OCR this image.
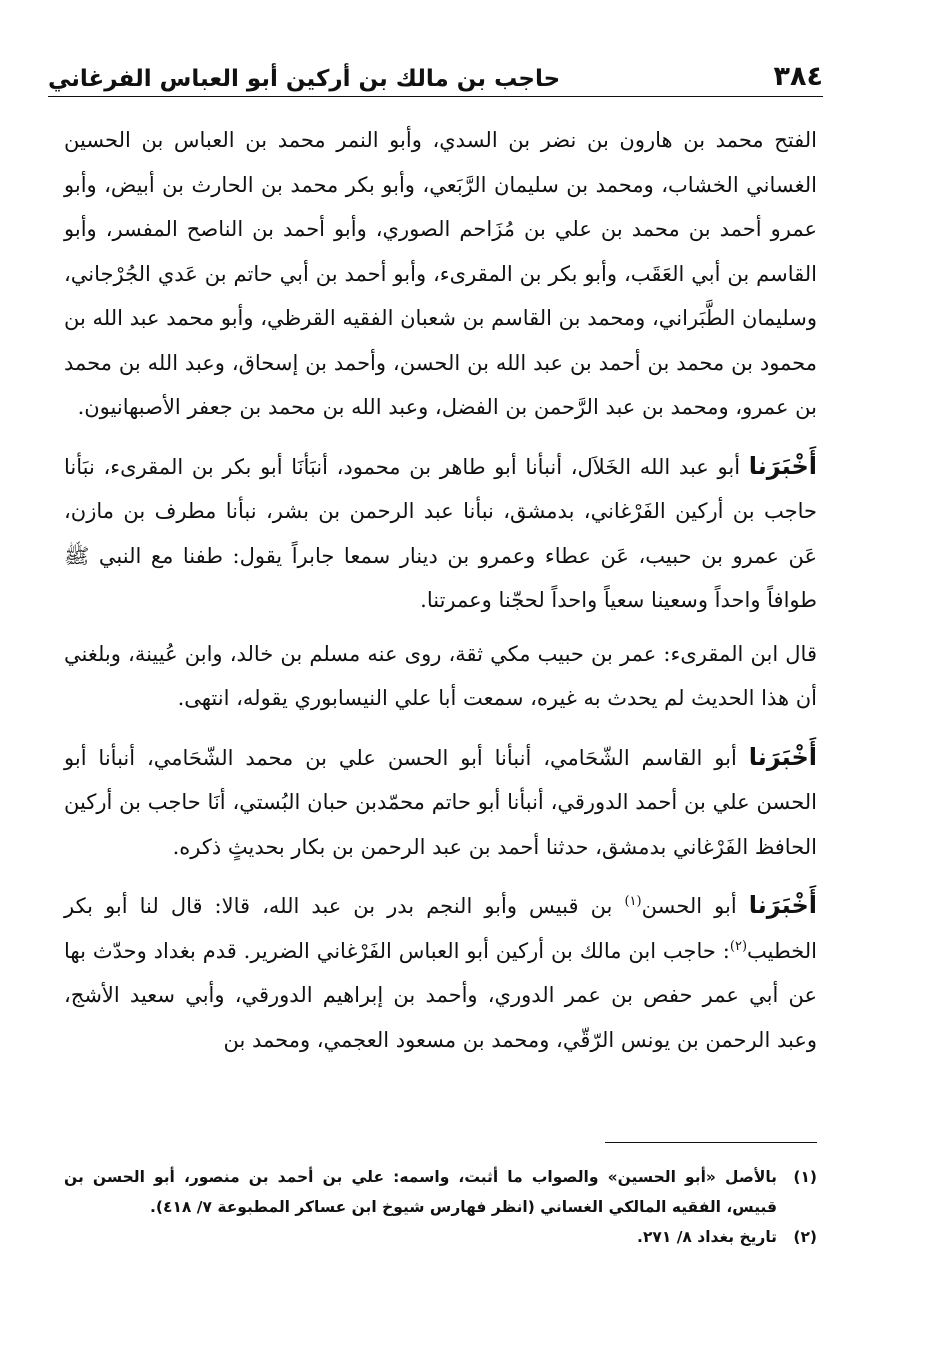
٣٨٤
حاجب بن مالك بن أركين أبو العباس الفرغاني

الفتح محمد بن هارون بن نضر بن السدي، وأبو النمر محمد بن العباس بن الحسين الغساني الخشاب، ومحمد بن سليمان الرَّبَعي، وأبو بكر محمد بن الحارث بن أبيض، وأبو عمرو أحمد بن محمد بن علي بن مُزَاحم الصوري، وأبو أحمد بن الناصح المفسر، وأبو القاسم بن أبي العَقَب، وأبو بكر بن المقرىء، وأبو أحمد بن أبي حاتم بن عَدي الجُرْجاني، وسليمان الطَّبَراني، ومحمد بن القاسم بن شعبان الفقيه القرظي، وأبو محمد عبد الله بن محمود بن محمد بن أحمد بن عبد الله بن الحسن، وأحمد بن إسحاق، وعبد الله بن محمد بن عمرو، ومحمد بن عبد الرَّحمن بن الفضل، وعبد الله بن محمد بن جعفر الأصبهانيون.

أَخْبَرَنا أبو عبد الله الخَلاَل، أنبأنا أبو طاهر بن محمود، أنبَأنَا أبو بكر بن المقرىء، نبَأنا حاجب بن أركين الفَرْغاني، بدمشق، نبأنا عبد الرحمن بن بشر، نبأنا مطرف بن مازن، عَن عمرو بن حبيب، عَن عطاء وعمرو بن دينار سمعا جابراً يقول: طفنا مع النبي ﷺ طوافاً واحداً وسعينا سعياً واحداً لحجّنا وعمرتنا.

قال ابن المقرىء: عمر بن حبيب مكي ثقة، روى عنه مسلم بن خالد، وابن عُيينة، وبلغني أن هذا الحديث لم يحدث به غيره، سمعت أبا علي النيسابوري يقوله، انتهى.

أَخْبَرَنا أبو القاسم الشّحَامي، أنبأنا أبو الحسن علي بن محمد الشّحَامي، أنبأنا أبو الحسن علي بن أحمد الدورقي، أنبأنا أبو حاتم محمّدبن حبان البُستي، أنَا حاجب بن أركين الحافظ الفَرْغاني بدمشق، حدثنا أحمد بن عبد الرحمن بن بكار بحديثٍ ذكره.

أَخْبَرَنا أبو الحسن$^{(١)}$ بن قبيس وأبو النجم بدر بن عبد الله، قالا: قال لنا أبو بكر الخطيب$^{(٢)}$: حاجب ابن مالك بن أركين أبو العباس الفَرْغاني الضرير. قدم بغداد وحدّث بها عن أبي عمر حفص بن عمر الدوري، وأحمد بن إبراهيم الدورقي، وأبي سعيد الأشج، وعبد الرحمن بن يونس الرّقّي، ومحمد بن مسعود العجمي، ومحمد بن

(١)
بالأصل «أبو الحسين» والصواب ما أثبت، واسمه: علي بن أحمد بن منصور، أبو الحسن بن قبيس، الفقيه المالكي الغساني (انظر فهارس شيوخ ابن عساكر المطبوعة ٧/ ٤١٨).

(٢)
تاريخ بغداد ٨/ ٢٧١.
